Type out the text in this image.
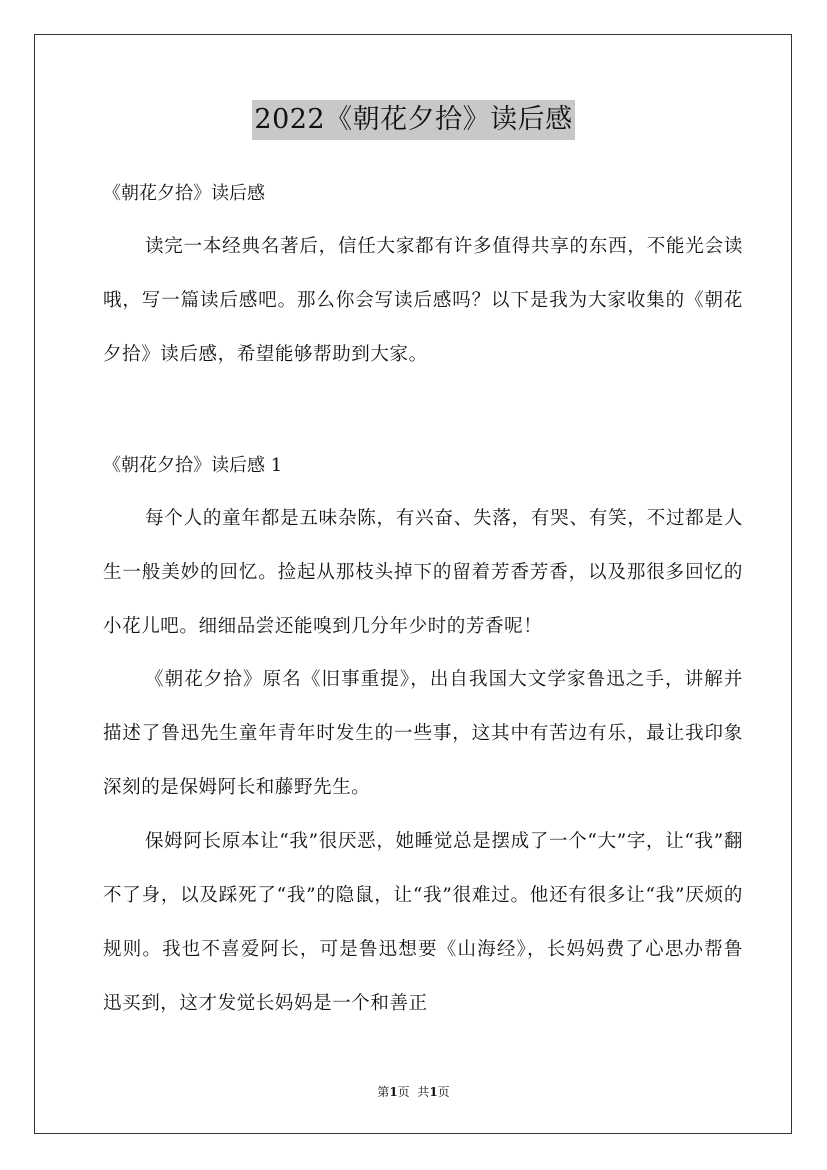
2022《朝花夕拾》读后感
《朝花夕拾》读后感

读完一本经典名著后，信任大家都有许多值得共享的东西，不能光会读哦，写一篇读后感吧。那么你会写读后感吗？以下是我为大家收集的《朝花夕拾》读后感，希望能够帮助到大家。

《朝花夕拾》读后感 1

每个人的童年都是五味杂陈，有兴奋、失落，有哭、有笑，不过都是人生一般美妙的回忆。捡起从那枝头掉下的留着芳香芳香，以及那很多回忆的小花儿吧。细细品尝还能嗅到几分年少时的芳香呢！

《朝花夕拾》原名《旧事重提》，出自我国大文学家鲁迅之手，讲解并描述了鲁迅先生童年青年时发生的一些事，这其中有苦边有乐，最让我印象深刻的是保姆阿长和藤野先生。

保姆阿长原本让“我”很厌恶，她睡觉总是摆成了一个“大”字，让“我”翻不了身，以及踩死了“我”的隐鼠，让“我”很难过。他还有很多让“我”厌烦的规则。我也不喜爱阿长，可是鲁迅想要《山海经》，长妈妈费了心思办帮鲁迅买到，这才发觉长妈妈是一个和善正

第1页  共1页
